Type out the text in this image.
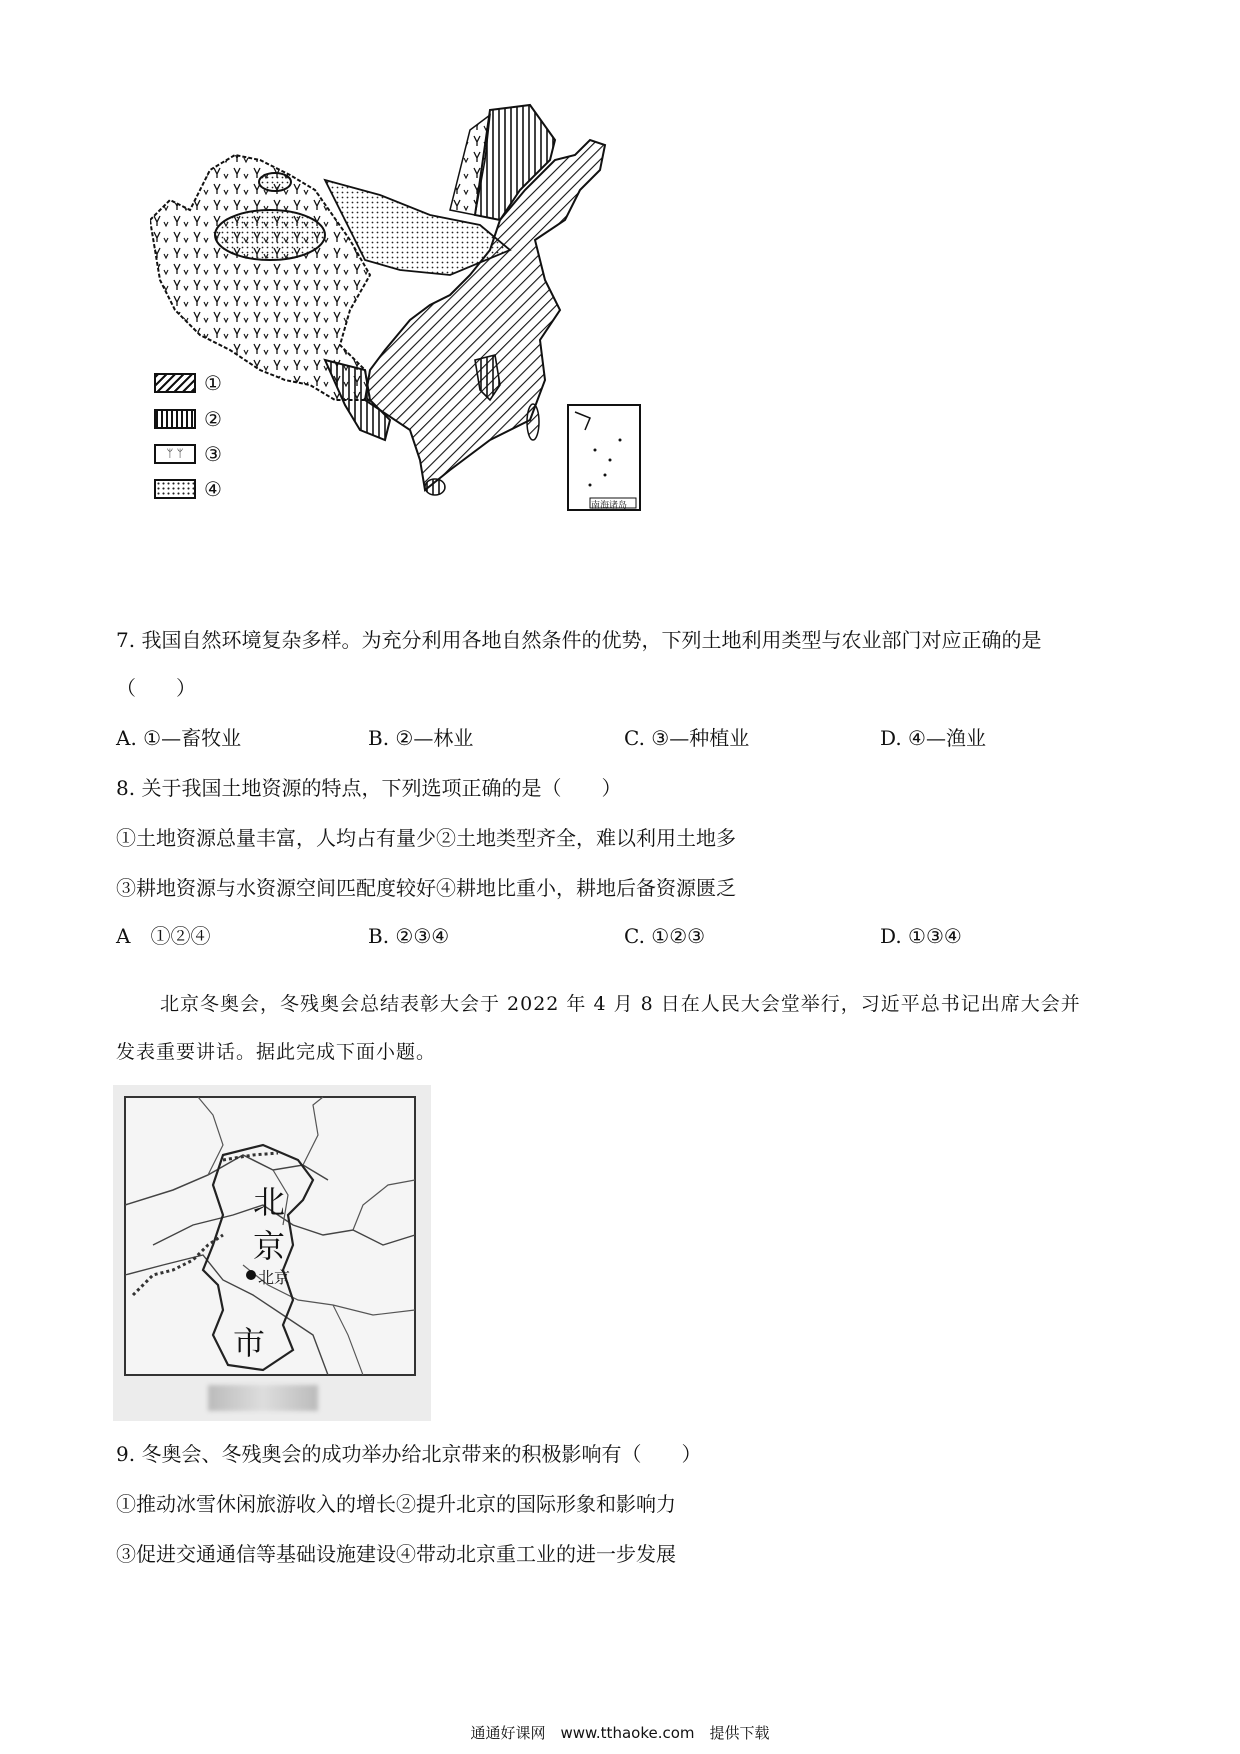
①
②
ᛘ ᛘ	③
④
南海诸岛
7. 我国自然环境复杂多样。为充分利用各地自然条件的优势，下列土地利用类型与农业部门对应正确的是
（　　）
A. ①—畜牧业	B. ②—林业	C. ③—种植业	D. ④—渔业
8. 关于我国土地资源的特点，下列选项正确的是（　　）
①土地资源总量丰富，人均占有量少②土地类型齐全，难以利用土地多
③耕地资源与水资源空间匹配度较好④耕地比重小，耕地后备资源匮乏
A　①②④	B. ②③④	C. ①②③	D. ①③④
北京冬奥会，冬残奥会总结表彰大会于 2022 年 4 月 8 日在人民大会堂举行，习近平总书记出席大会并
发表重要讲话。据此完成下面小题。
北
京
北京
市
9. 冬奥会、冬残奥会的成功举办给北京带来的积极影响有（　　）
①推动冰雪休闲旅游收入的增长②提升北京的国际形象和影响力
③促进交通通信等基础设施建设④带动北京重工业的进一步发展
通通好课网　www.tthaoke.com　提供下载
